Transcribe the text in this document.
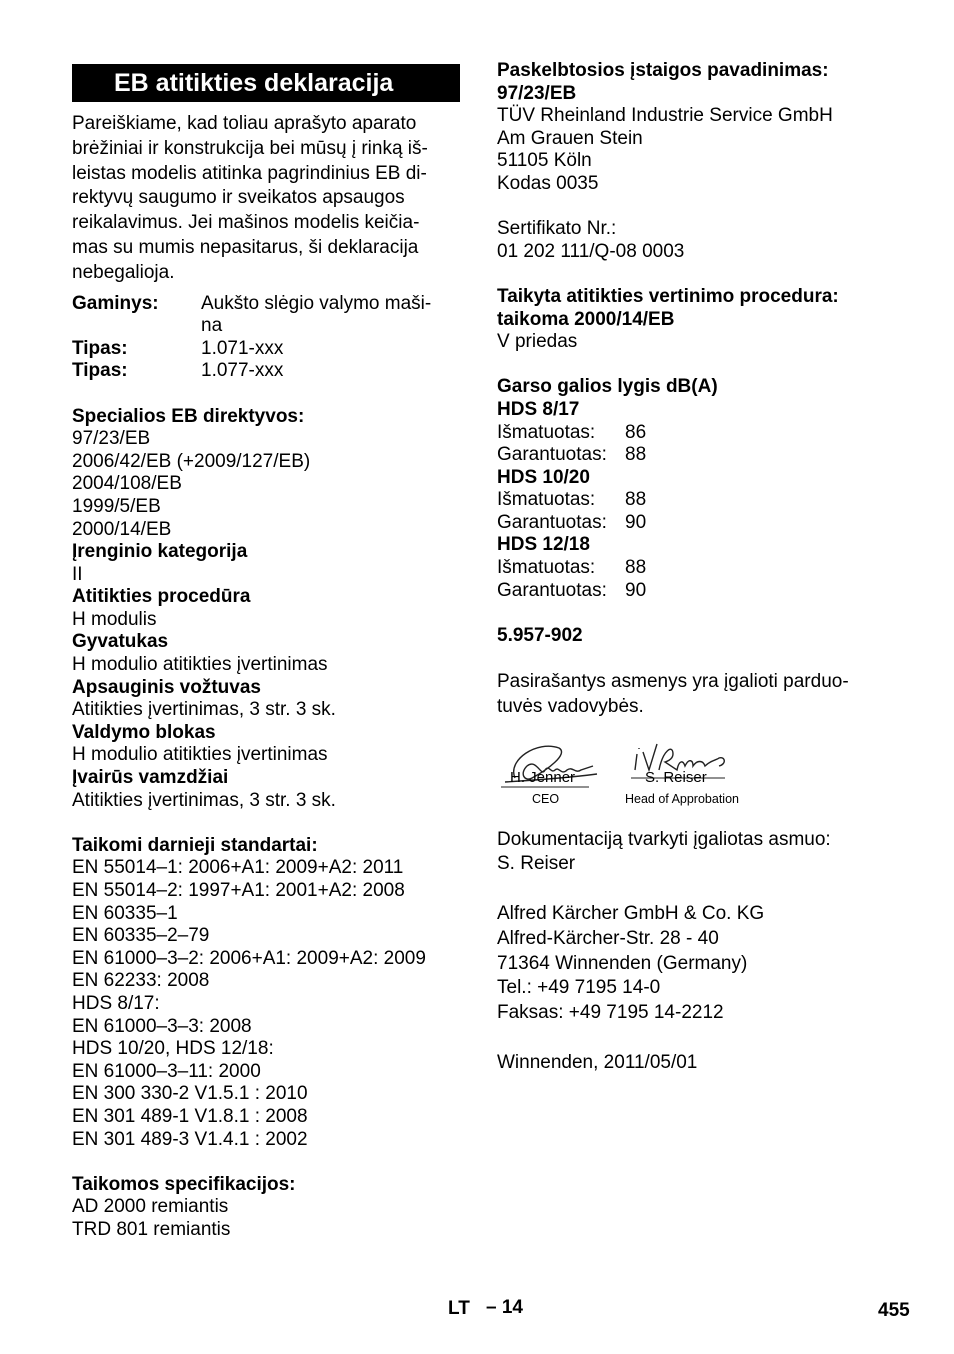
EB atitikties deklaracija
Pareiškiame, kad toliau aprašyto aparato
brėžiniai ir konstrukcija bei mūsų į rinką iš-
leistas modelis atitinka pagrindinius EB di-
rektyvų saugumo ir sveikatos apsaugos
reikalavimus. Jei mašinos modelis keičia-
mas su mumis nepasitarus, ši deklaracija
nebegalioja.
Gaminys:	Aukšto slėgio valymo maši-
na

Tipas:	1.071-xxx
Tipas:	1.077-xxx
Specialios EB direktyvos:
97/23/EB
2006/42/EB (+2009/127/EB)
2004/108/EB
1999/5/EB
2000/14/EB
Įrenginio kategorija
II
Atitikties procedūra
H modulis
Gyvatukas
H modulio atitikties įvertinimas
Apsauginis vožtuvas
Atitikties įvertinimas, 3 str. 3 sk.
Valdymo blokas
H modulio atitikties įvertinimas
Įvairūs vamzdžiai
Atitikties įvertinimas, 3 str. 3 sk.
Taikomi darnieji standartai:
EN 55014–1: 2006+A1: 2009+A2: 2011
EN 55014–2: 1997+A1: 2001+A2: 2008
EN 60335–1
EN 60335–2–79
EN 61000–3–2: 2006+A1: 2009+A2: 2009
EN 62233: 2008
HDS 8/17:
EN 61000–3–3: 2008
HDS 10/20, HDS 12/18:
EN 61000–3–11: 2000
EN 300 330-2 V1.5.1 : 2010
EN 301 489-1 V1.8.1 : 2008
EN 301 489-3 V1.4.1 : 2002
Taikomos specifikacijos:
AD 2000 remiantis
TRD 801 remiantis
Paskelbtosios įstaigos pavadinimas:
97/23/EB
TÜV Rheinland Industrie Service GmbH
Am Grauen Stein
51105 Köln
Kodas 0035
Sertifikato Nr.:
01 202 111/Q-08 0003
Taikyta atitikties vertinimo procedura:
taikoma 2000/14/EB
V priedas
Garso galios lygis dB(A)
HDS 8/17
Išmatuotas:	86
Garantuotas:	88
HDS 10/20
Išmatuotas:	88
Garantuotas:	90
HDS 12/18
Išmatuotas:	88
Garantuotas:	90
5.957-902
Pasirašantys asmenys yra įgalioti parduo-
tuvės vadovybės.
H. Jenner
CEO
S. Reiser
Head of Approbation
Dokumentaciją tvarkyti įgaliotas asmuo:
S. Reiser
Alfred Kärcher GmbH & Co. KG
Alfred-Kärcher-Str. 28 - 40
71364 Winnenden (Germany)
Tel.: +49 7195 14-0
Faksas: +49 7195 14-2212
Winnenden, 2011/05/01
LT – 14	455
